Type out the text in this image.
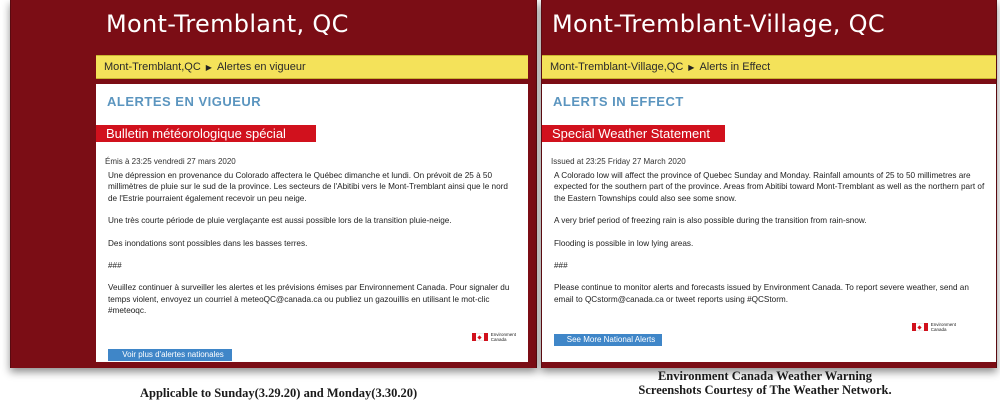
Mont-Tremblant, QC
Mont-Tremblant,QC ▶ Alertes en vigueur
ALERTES EN VIGUEUR
Bulletin météorologique spécial
Émis à 23:25 vendredi 27 mars 2020

Une dépression en provenance du Colorado affectera le Québec dimanche et lundi. On prévoit de 25 à 50 millimètres de pluie sur le sud de la province. Les secteurs de l'Abitibi vers le Mont-Tremblant ainsi que le nord de l'Estrie pourraient également recevoir un peu neige.

Une très courte période de pluie verglaçante est aussi possible lors de la transition pluie-neige.

Des inondations sont possibles dans les basses terres.

###

Veuillez continuer à surveiller les alertes et les prévisions émises par Environnement Canada. Pour signaler du temps violent, envoyez un courriel à meteoQC@canada.ca ou publiez un gazouillis en utilisant le mot-clic #meteoqc.

Environment
Canada
Voir plus d'alertes nationales
Mont-Tremblant-Village, QC
Mont-Tremblant-Village,QC ▶ Alerts in Effect
ALERTS IN EFFECT
Special Weather Statement
Issued at 23:25 Friday 27 March 2020

A Colorado low will affect the province of Quebec Sunday and Monday. Rainfall amounts of 25 to 50 millimetres are expected for the southern part of the province. Areas from Abitibi toward Mont-Tremblant as well as the northern part of the Eastern Townships could also see some snow.

A very brief period of freezing rain is also possible during the transition from rain-snow.

Flooding is possible in low lying areas.

###

Please continue to monitor alerts and forecasts issued by Environment Canada. To report severe weather, send an email to QCstorm@canada.ca or tweet reports using #QCStorm.

Environment
Canada
See More National Alerts
Applicable to Sunday(3.29.20) and Monday(3.30.20)
Environment Canada Weather Warning
Screenshots Courtesy of The Weather Network.
